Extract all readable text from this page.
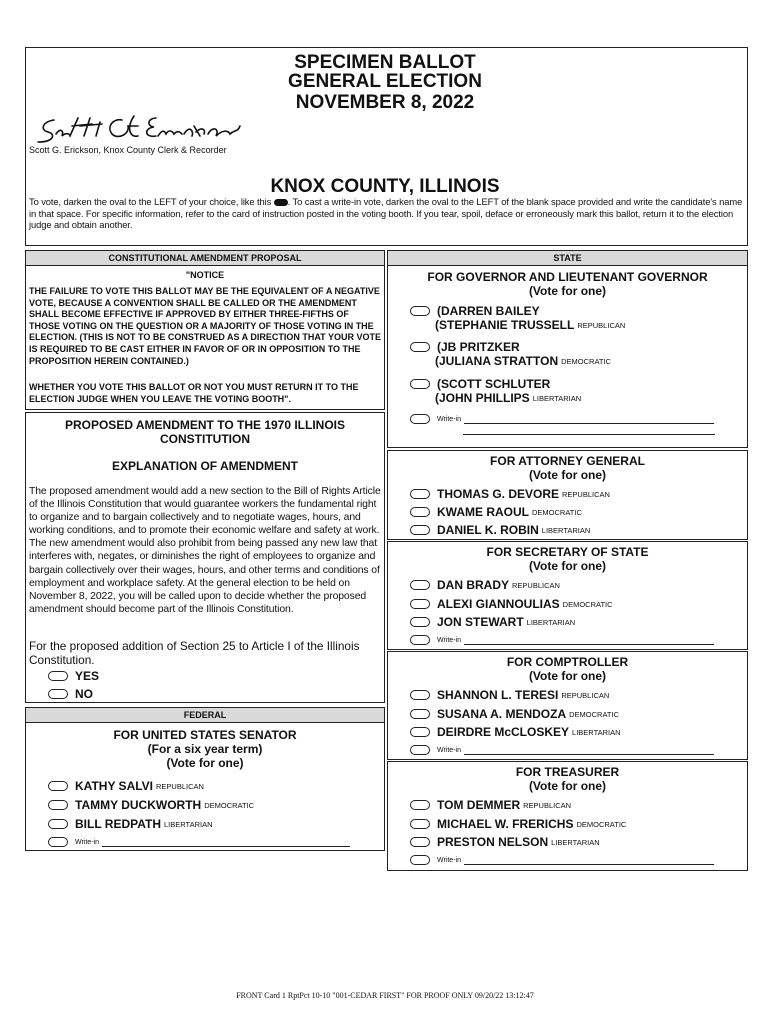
SPECIMEN BALLOT
GENERAL ELECTION
NOVEMBER 8, 2022
Scott G. Erickson, Knox County Clerk & Recorder
KNOX COUNTY, ILLINOIS
To vote, darken the oval to the LEFT of your choice, like this . To cast a write-in vote, darken the oval to the LEFT of the blank space provided and write the candidate's name in that space. For specific information, refer to the card of instruction posted in the voting booth. If you tear, spoil, deface or erroneously mark this ballot, return it to the election judge and obtain another.
CONSTITUTIONAL AMENDMENT PROPOSAL
"NOTICE
THE FAILURE TO VOTE THIS BALLOT MAY BE THE EQUIVALENT OF A NEGATIVE VOTE, BECAUSE A CONVENTION SHALL BE CALLED OR THE AMENDMENT SHALL BECOME EFFECTIVE IF APPROVED BY EITHER THREE-FIFTHS OF THOSE VOTING ON THE QUESTION OR A MAJORITY OF THOSE VOTING IN THE ELECTION. (THIS IS NOT TO BE CONSTRUED AS A DIRECTION THAT YOUR VOTE IS REQUIRED TO BE CAST EITHER IN FAVOR OF OR IN OPPOSITION TO THE PROPOSITION HEREIN CONTAINED.)
WHETHER YOU VOTE THIS BALLOT OR NOT YOU MUST RETURN IT TO THE ELECTION JUDGE WHEN YOU LEAVE THE VOTING BOOTH".
PROPOSED AMENDMENT TO THE 1970 ILLINOIS CONSTITUTION
EXPLANATION OF AMENDMENT
The proposed amendment would add a new section to the Bill of Rights Article of the Illinois Constitution that would guarantee workers the fundamental right to organize and to bargain collectively and to negotiate wages, hours, and working conditions, and to promote their economic welfare and safety at work. The new amendment would also prohibit from being passed any new law that interferes with, negates, or diminishes the right of employees to organize and bargain collectively over their wages, hours, and other terms and conditions of employment and workplace safety. At the general election to be held on November 8, 2022, you will be called upon to decide whether the proposed amendment should become part of the Illinois Constitution.
For the proposed addition of Section 25 to Article I of the Illinois Constitution.
YES
NO
FEDERAL
FOR UNITED STATES SENATOR
(For a six year term)
(Vote for one)
KATHY SALVI REPUBLICAN
TAMMY DUCKWORTH DEMOCRATIC
BILL REDPATH LIBERTARIAN
Write-in
STATE
FOR GOVERNOR AND LIEUTENANT GOVERNOR
(Vote for one)
(DARREN BAILEY
(STEPHANIE TRUSSELL REPUBLICAN
(JB PRITZKER
(JULIANA STRATTON DEMOCRATIC
(SCOTT SCHLUTER
(JOHN PHILLIPS LIBERTARIAN
Write-in
FOR ATTORNEY GENERAL
(Vote for one)
THOMAS G. DEVORE REPUBLICAN
KWAME RAOUL DEMOCRATIC
DANIEL K. ROBIN LIBERTARIAN
FOR SECRETARY OF STATE
(Vote for one)
DAN BRADY REPUBLICAN
ALEXI GIANNOULIAS DEMOCRATIC
JON STEWART LIBERTARIAN
Write-in
FOR COMPTROLLER
(Vote for one)
SHANNON L. TERESI REPUBLICAN
SUSANA A. MENDOZA DEMOCRATIC
DEIRDRE McCLOSKEY LIBERTARIAN
Write-in
FOR TREASURER
(Vote for one)
TOM DEMMER REPUBLICAN
MICHAEL W. FRERICHS DEMOCRATIC
PRESTON NELSON LIBERTARIAN
Write-in
FRONT Card 1 RptPct 10-10 "001-CEDAR FIRST" FOR PROOF ONLY 09/20/22 13:12:47
